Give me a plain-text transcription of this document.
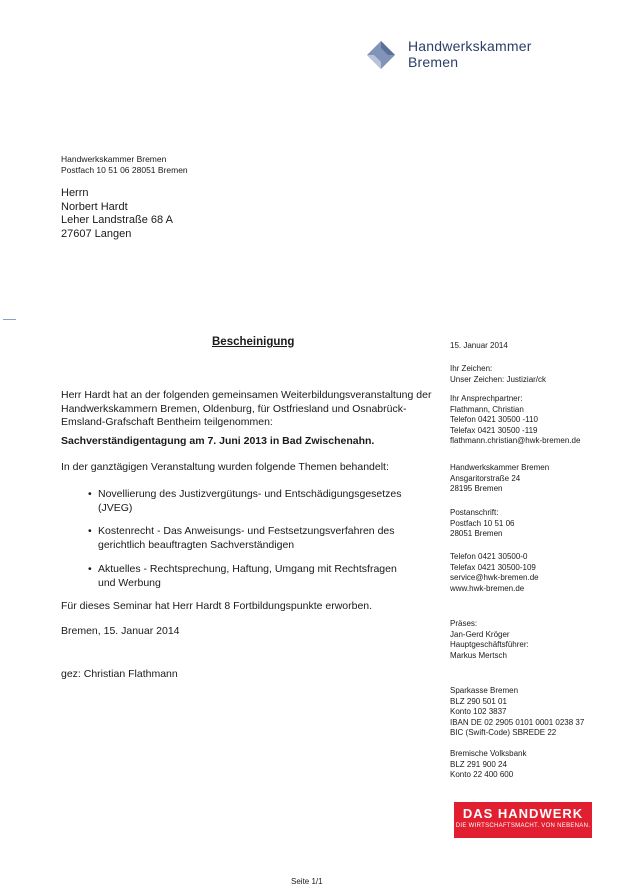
Handwerkskammer
Bremen
Handwerkskammer Bremen
Postfach 10 51 06 28051 Bremen
Herrn
Norbert Hardt
Leher Landstraße 68 A
27607 Langen
Bescheinigung	15. Januar 2014
Herr Hardt hat an der folgenden gemeinsamen Weiterbildungsveranstaltung der
Handwerkskammern Bremen, Oldenburg, für Ostfriesland und Osnabrück-
Emsland-Grafschaft Bentheim teilgenommen:
Sachverständigentagung am 7. Juni 2013 in Bad Zwischenahn.
In der ganztägigen Veranstaltung wurden folgende Themen behandelt:
• Novellierung des Justizvergütungs- und Entschädigungsgesetzes
(JVEG)
• Kostenrecht - Das Anweisungs- und Festsetzungsverfahren des
gerichtlich beauftragten Sachverständigen
• Aktuelles - Rechtsprechung, Haftung, Umgang mit Rechtsfragen
und Werbung
Für dieses Seminar hat Herr Hardt 8 Fortbildungspunkte erworben.
Bremen, 15. Januar 2014
gez: Christian Flathmann
Ihr Zeichen:
Unser Zeichen: Justiziar/ck
Ihr Ansprechpartner:
Flathmann, Christian
Telefon 0421 30500 -110
Telefax 0421 30500 -119
flathmann.christian@hwk-bremen.de
Handwerkskammer Bremen
Ansgaritorstraße 24
28195 Bremen
Postanschrift:
Postfach 10 51 06
28051 Bremen
Telefon 0421 30500-0
Telefax 0421 30500-109
service@hwk-bremen.de
www.hwk-bremen.de
Präses:
Jan-Gerd Kröger
Hauptgeschäftsführer:
Markus Mertsch
Sparkasse Bremen
BLZ 290 501 01
Konto 102 3837
IBAN DE 02 2905 0101 0001 0238 37
BIC (Swift-Code) SBREDE 22
Bremische Volksbank
BLZ 291 900 24
Konto 22 400 600
DAS HANDWERK
DIE WIRTSCHAFTSMACHT. VON NEBENAN.
Seite 1/1
